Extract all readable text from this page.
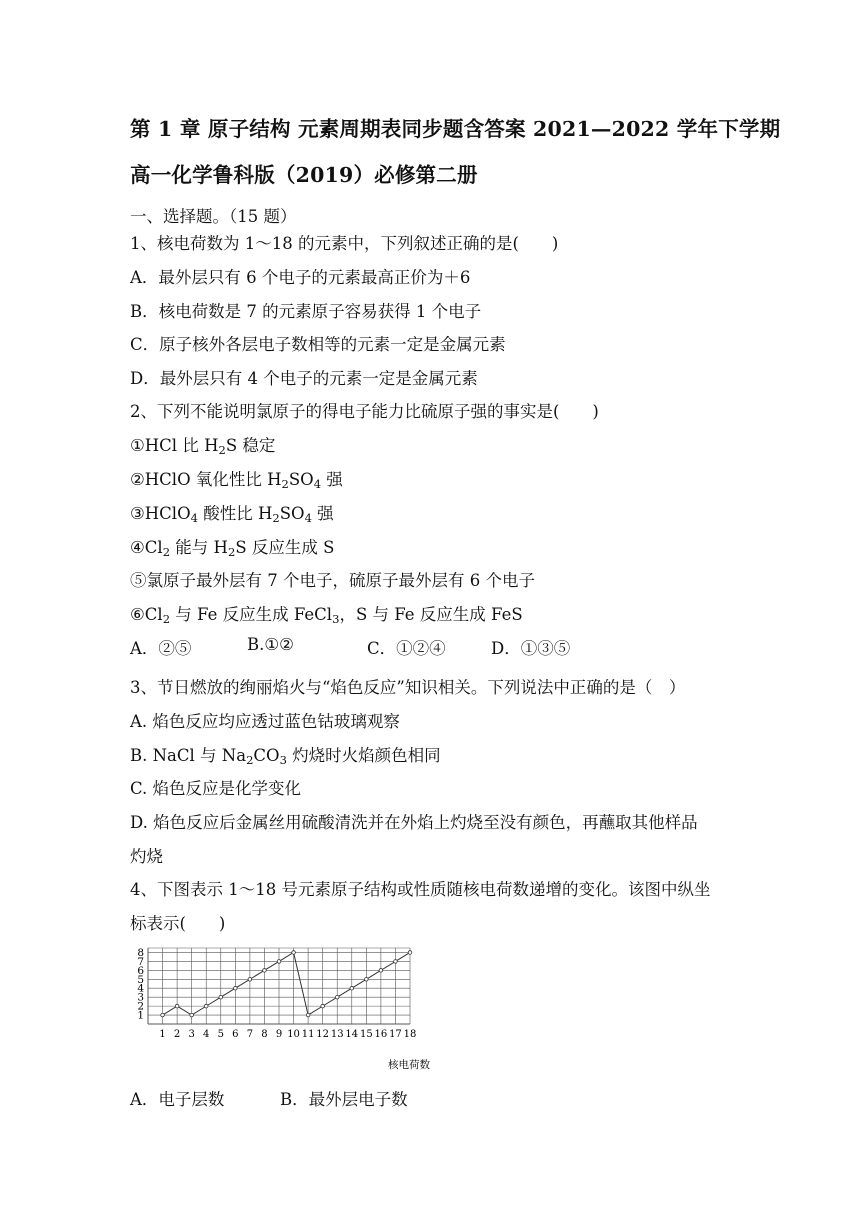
第 1 章 原子结构 元素周期表同步题含答案 2021—2022 学年下学期
高一化学鲁科版（2019）必修第二册
一、选择题。（15 题）
1、核电荷数为 1～18 的元素中，下列叙述正确的是(　　)
A．最外层只有 6 个电子的元素最高正价为＋6
B．核电荷数是 7 的元素原子容易获得 1 个电子
C．原子核外各层电子数相等的元素一定是金属元素
D．最外层只有 4 个电子的元素一定是金属元素
2、下列不能说明氯原子的得电子能力比硫原子强的事实是(　　)
①HCl 比 $H_2S$ 稳定
②HClO 氧化性比 $H_2SO_4$ 强
③HClO$_4$ 酸性比 $H_2SO_4$ 强
$④Cl_2$ 能与 $H_2S$ 反应生成 S
⑤氯原子最外层有 7 个电子，硫原子最外层有 6 个电子
$⑥Cl_2$ 与 Fe 反应生成 FeCl$_3$，S 与 Fe 反应生成 FeS
A．②⑤	B.①②	C．①②④	D．①③⑤
3、节日燃放的绚丽焰火与“焰色反应”知识相关。下列说法中正确的是（　）
A. 焰色反应均应透过蓝色钴玻璃观察
B. NaCl 与 $Na_2CO_3$ 灼烧时火焰颜色相同
C. 焰色反应是化学变化
D. 焰色反应后金属丝用硫酸清洗并在外焰上灼烧至没有颜色，再蘸取其他样品
灼烧
4、下图表示 1～18 号元素原子结构或性质随核电荷数递增的变化。该图中纵坐
标表示(　　)
1
2
3
4
5
6
7
8
1 2 3 4 5 6 7 8 9 10 11 12 13 14 15 16 17 18
核电荷数
A．电子层数	B．最外层电子数
